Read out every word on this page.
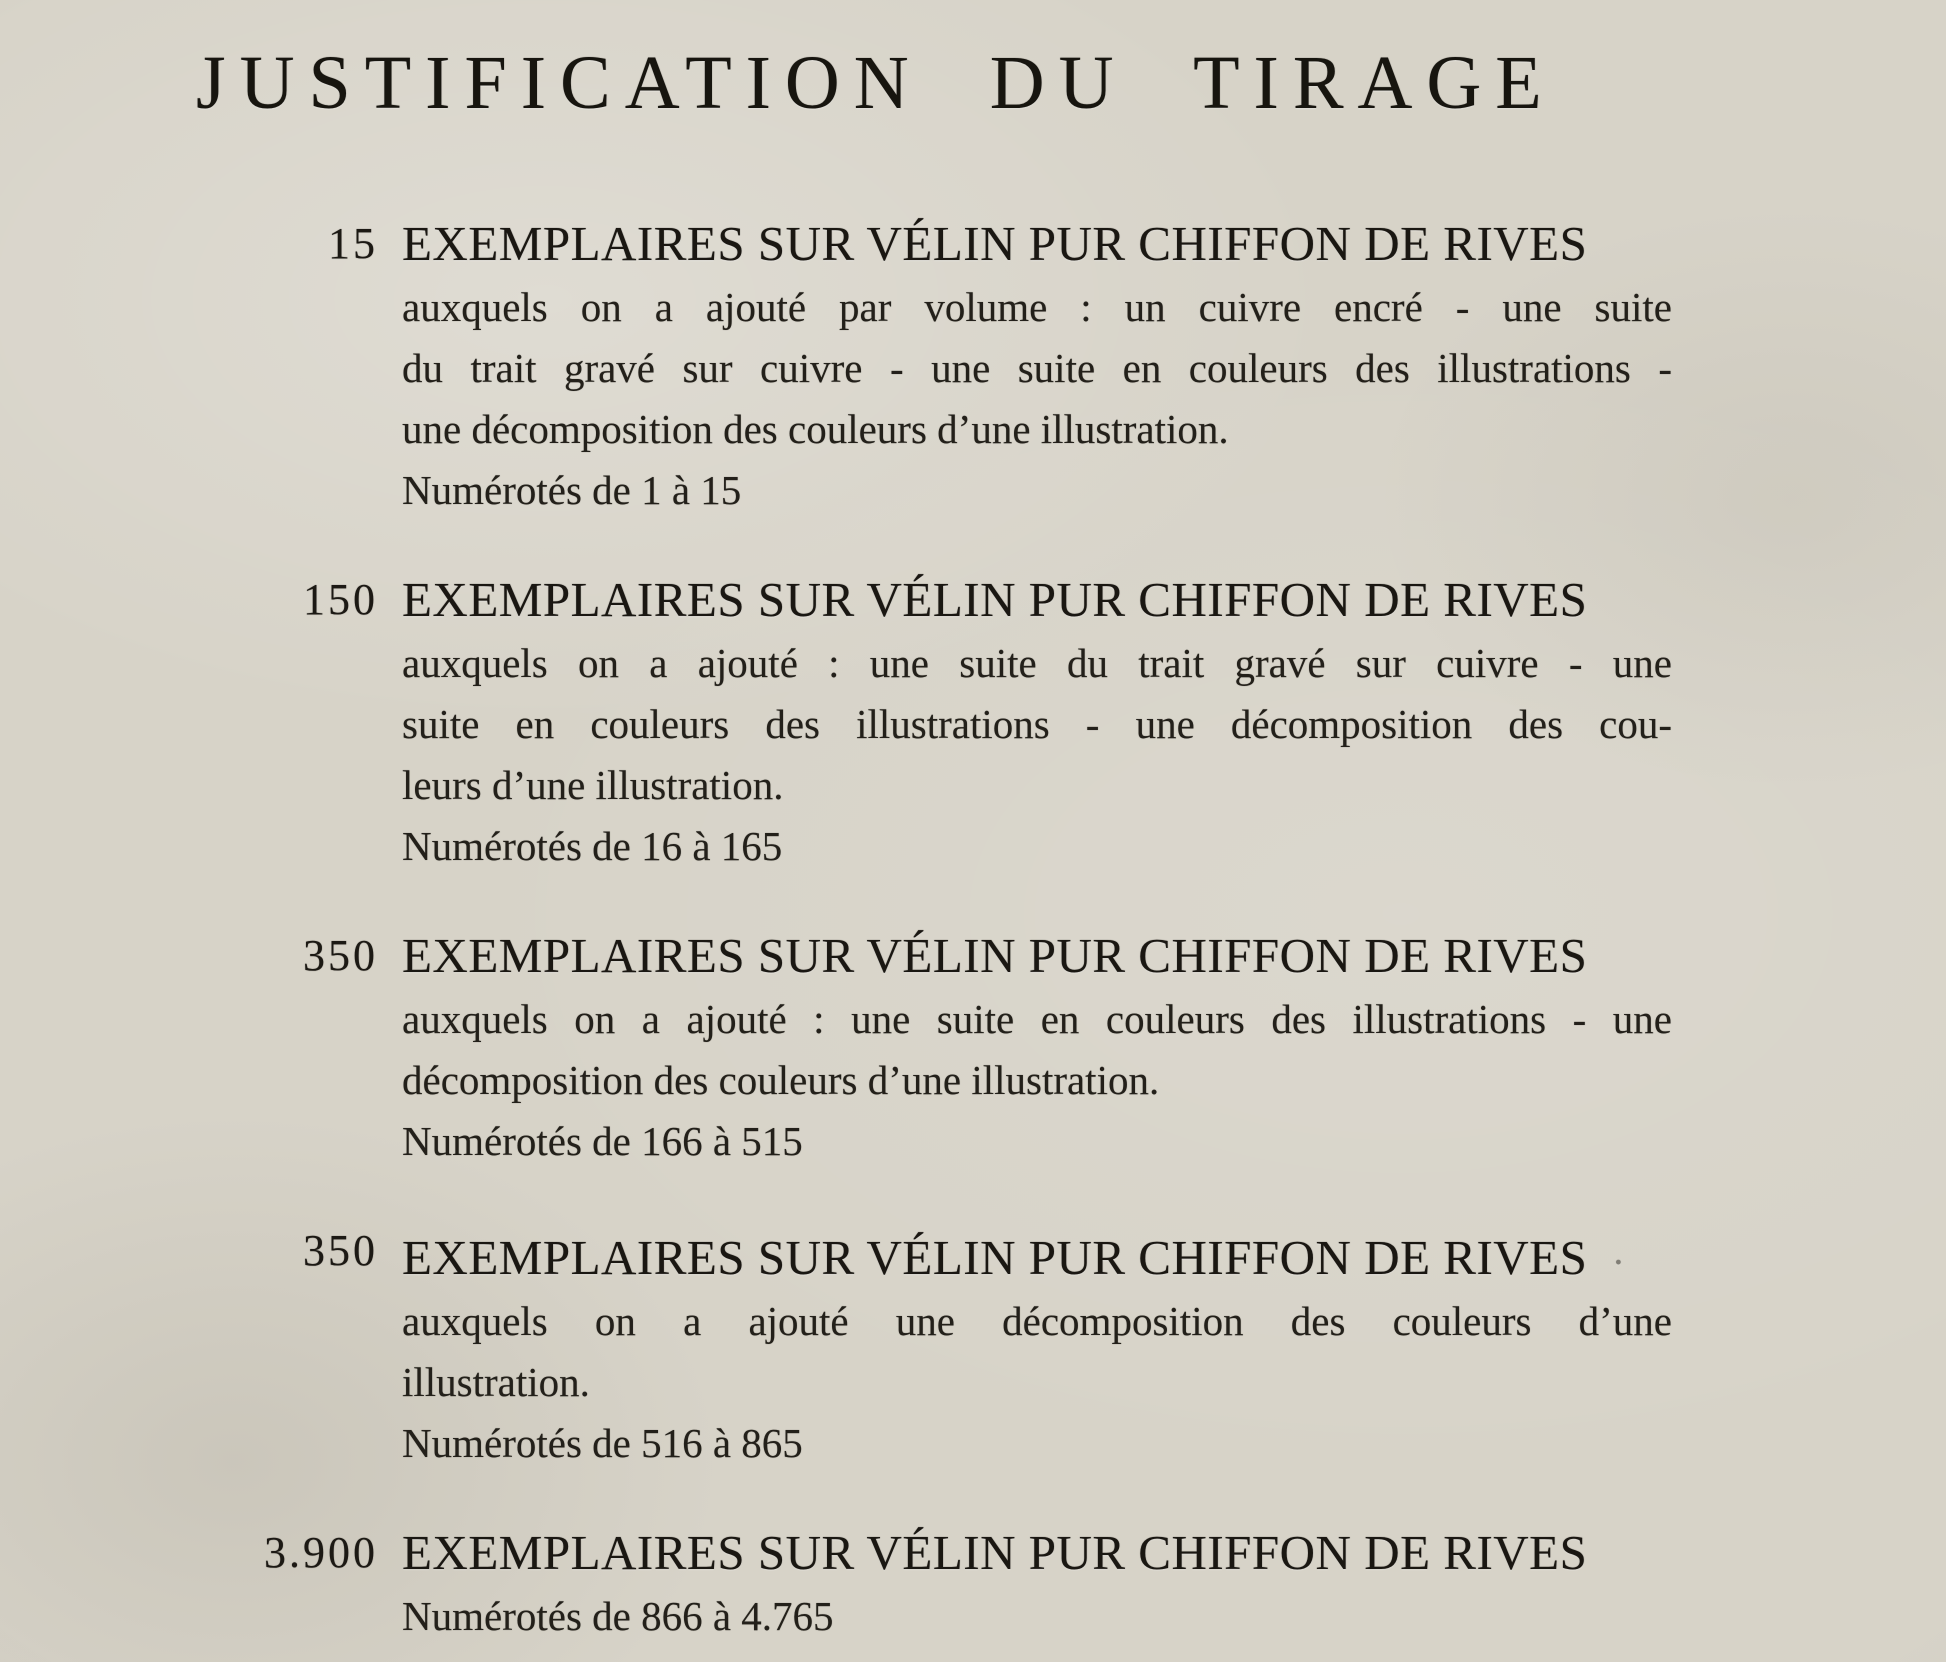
JUSTIFICATION DU TIRAGE
15 EXEMPLAIRES SUR VÉLIN PUR CHIFFON DE RIVES
auxquels on a ajouté par volume : un cuivre encré - une suite
du trait gravé sur cuivre - une suite en couleurs des illustrations -
une décomposition des couleurs d’une illustration.
Numérotés de 1 à 15
150 EXEMPLAIRES SUR VÉLIN PUR CHIFFON DE RIVES
auxquels on a ajouté : une suite du trait gravé sur cuivre - une
suite en couleurs des illustrations - une décomposition des cou-
leurs d’une illustration.
Numérotés de 16 à 165
350 EXEMPLAIRES SUR VÉLIN PUR CHIFFON DE RIVES
auxquels on a ajouté : une suite en couleurs des illustrations - une
décomposition des couleurs d’une illustration.
Numérotés de 166 à 515
350 EXEMPLAIRES SUR VÉLIN PUR CHIFFON DE RIVES .
auxquels on a ajouté une décomposition des couleurs d’une
illustration.
Numérotés de 516 à 865
3.900 EXEMPLAIRES SUR VÉLIN PUR CHIFFON DE RIVES
Numérotés de 866 à 4.765
